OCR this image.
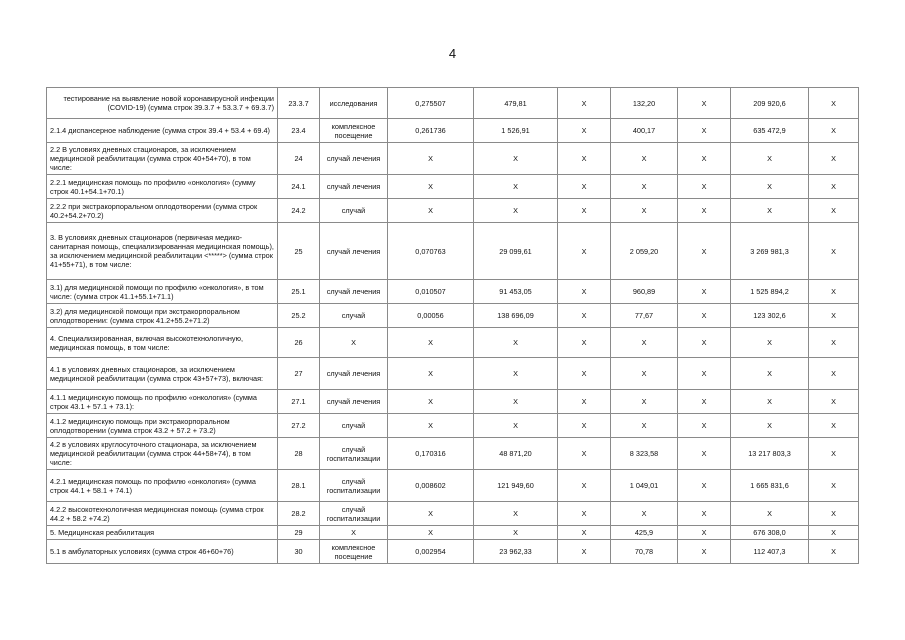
4
тестирование на выявление новой коронавирусной инфекции (COVID-19) (сумма строк 39.3.7 + 53.3.7 + 69.3.7)	23.3.7	исследования	0,275507	479,81	X	132,20	X	209 920,6	X
2.1.4 диспансерное наблюдение (сумма строк 39.4 + 53.4 + 69.4)	23.4	комплексное посещение	0,261736	1 526,91	X	400,17	X	635 472,9	X
2.2 В условиях дневных стационаров, за исключением медицинской реабилитации (сумма строк 40+54+70), в том числе:	24	случай лечения	X	X	X	X	X	X	X
2.2.1 медицинская помощь по профилю «онкология» (сумму строк 40.1+54.1+70.1)	24.1	случай лечения	X	X	X	X	X	X	X
2.2.2 при экстракорпоральном оплодотворении (сумма строк 40.2+54.2+70.2)	24.2	случай	X	X	X	X	X	X	X
3. В условиях дневных стационаров (первичная медико-санитарная помощь, специализированная медицинская помощь), за исключением медицинской реабилитации <*****> (сумма строк 41+55+71), в том числе:	25	случай лечения	0,070763	29 099,61	X	2 059,20	X	3 269 981,3	X
3.1) для медицинской помощи по профилю «онкология», в том числе: (сумма строк 41.1+55.1+71.1)	25.1	случай лечения	0,010507	91 453,05	X	960,89	X	1 525 894,2	X
3.2) для медицинской помощи при экстракорпоральном оплодотворении: (сумма строк 41.2+55.2+71.2)	25.2	случай	0,00056	138 696,09	X	77,67	X	123 302,6	X
4. Специализированная, включая высокотехнологичную, медицинская помощь, в том числе:	26	X	X	X	X	X	X	X	X
4.1 в условиях дневных стационаров, за исключением медицинской реабилитации (сумма строк 43+57+73), включая:	27	случай лечения	X	X	X	X	X	X	X
4.1.1 медицинскую помощь по профилю «онкология» (сумма строк 43.1 + 57.1 + 73.1):	27.1	случай лечения	X	X	X	X	X	X	X
4.1.2 медицинскую помощь при экстракорпоральном оплодотворении (сумма строк 43.2 + 57.2 + 73.2)	27.2	случай	X	X	X	X	X	X	X
4.2 в условиях круглосуточного стационара, за исключением медицинской реабилитации (сумма строк 44+58+74), в том числе:	28	случай госпитализации	0,170316	48 871,20	X	8 323,58	X	13 217 803,3	X
4.2.1 медицинская помощь по профилю «онкология» (сумма строк 44.1 + 58.1 + 74.1)	28.1	случай госпитализации	0,008602	121 949,60	X	1 049,01	X	1 665 831,6	X
4.2.2 высокотехнологичная медицинская помощь (сумма строк 44.2 + 58.2 +74.2)	28.2	случай госпитализации	X	X	X	X	X	X	X
5. Медицинская реабилитация	29	X	X	X	X	425,9	X	676 308,0	X
5.1 в амбулаторных условиях (сумма строк 46+60+76)	30	комплексное посещение	0,002954	23 962,33	X	70,78	X	112 407,3	X
